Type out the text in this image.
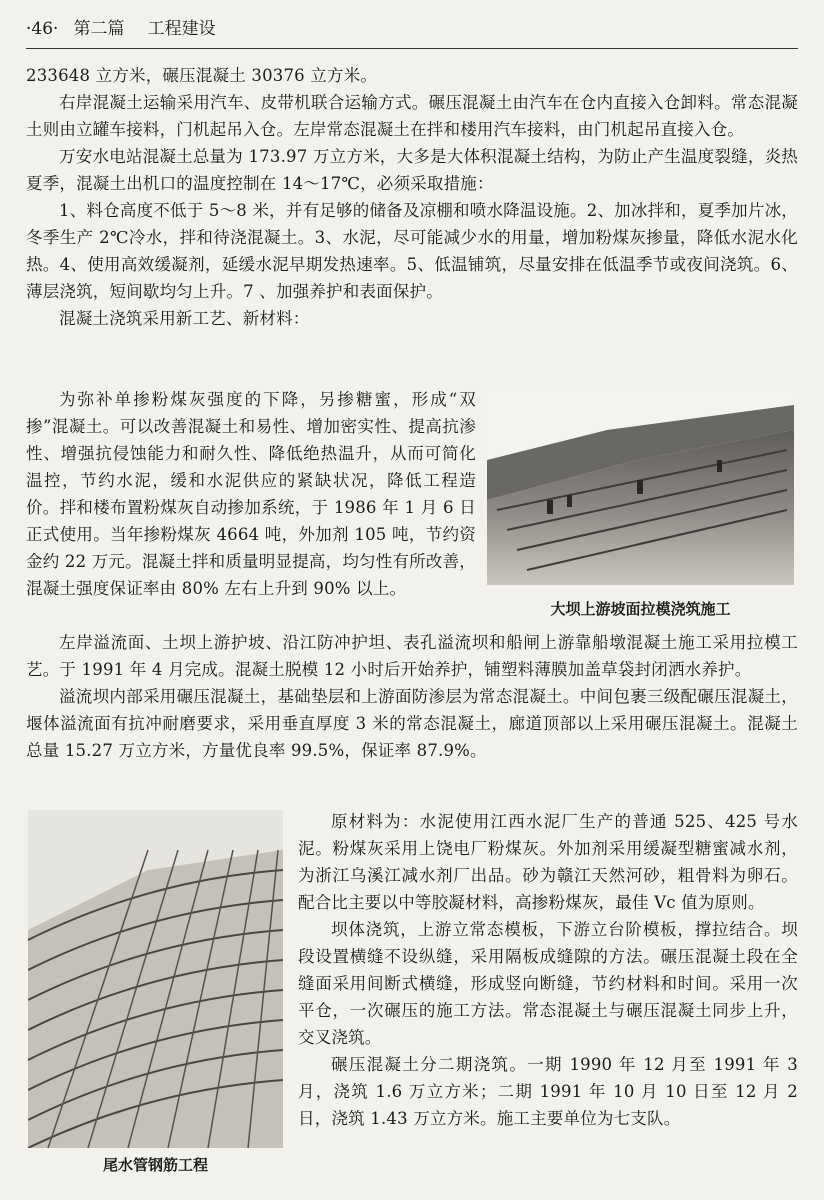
·46· 第二篇 工程建设

233648 立方米，碾压混凝土 30376 立方米。

右岸混凝土运输采用汽车、皮带机联合运输方式。碾压混凝土由汽车在仓内直接入仓卸料。常态混凝土则由立罐车接料，门机起吊入仓。左岸常态混凝土在拌和楼用汽车接料，由门机起吊直接入仓。

万安水电站混凝土总量为 173.97 万立方米，大多是大体积混凝土结构，为防止产生温度裂缝，炎热夏季，混凝土出机口的温度控制在 14～17℃，必须采取措施：

1、料仓高度不低于 5～8 米，并有足够的储备及凉棚和喷水降温设施。2、加冰拌和，夏季加片冰，冬季生产 2℃冷水，拌和待浇混凝土。3、水泥，尽可能减少水的用量，增加粉煤灰掺量，降低水泥水化热。4、使用高效缓凝剂，延缓水泥早期发热速率。5、低温铺筑，尽量安排在低温季节或夜间浇筑。6、薄层浇筑，短间歇均匀上升。7 、加强养护和表面保护。

混凝土浇筑采用新工艺、新材料：

为弥补单掺粉煤灰强度的下降，另掺糖蜜，形成“双掺”混凝土。可以改善混凝土和易性、增加密实性、提高抗渗性、增强抗侵蚀能力和耐久性、降低绝热温升，从而可简化温控，节约水泥，缓和水泥供应的紧缺状况，降低工程造价。拌和楼布置粉煤灰自动掺加系统，于 1986 年 1 月 6 日正式使用。当年掺粉煤灰 4664 吨，外加剂 105 吨，节约资金约 22 万元。混凝土拌和质量明显提高，均匀性有所改善，混凝土强度保证率由 80% 左右上升到 90% 以上。

大坝上游坡面拉模浇筑施工

左岸溢流面、土坝上游护坡、沿江防冲护坦、表孔溢流坝和船闸上游靠船墩混凝土施工采用拉模工艺。于 1991 年 4 月完成。混凝土脱模 12 小时后开始养护，铺塑料薄膜加盖草袋封闭洒水养护。

溢流坝内部采用碾压混凝土，基础垫层和上游面防渗层为常态混凝土。中间包裹三级配碾压混凝土，堰体溢流面有抗冲耐磨要求，采用垂直厚度 3 米的常态混凝土，廊道顶部以上采用碾压混凝土。混凝土总量 15.27 万立方米，方量优良率 99.5%，保证率 87.9%。

尾水管钢筋工程

原材料为：水泥使用江西水泥厂生产的普通 525、425 号水泥。粉煤灰采用上饶电厂粉煤灰。外加剂采用缓凝型糖蜜减水剂，为浙江乌溪江减水剂厂出品。砂为赣江天然河砂，粗骨料为卵石。配合比主要以中等胶凝材料，高掺粉煤灰，最佳 Vc 值为原则。

坝体浇筑，上游立常态模板，下游立台阶模板，撑拉结合。坝段设置横缝不设纵缝，采用隔板成缝隙的方法。碾压混凝土段在全缝面采用间断式横缝，形成竖向断缝，节约材料和时间。采用一次平仓，一次碾压的施工方法。常态混凝土与碾压混凝土同步上升，交叉浇筑。

碾压混凝土分二期浇筑。一期 1990 年 12 月至 1991 年 3 月，浇筑 1.6 万立方米；二期 1991 年 10 月 10 日至 12 月 2 日，浇筑 1.43 万立方米。施工主要单位为七支队。
